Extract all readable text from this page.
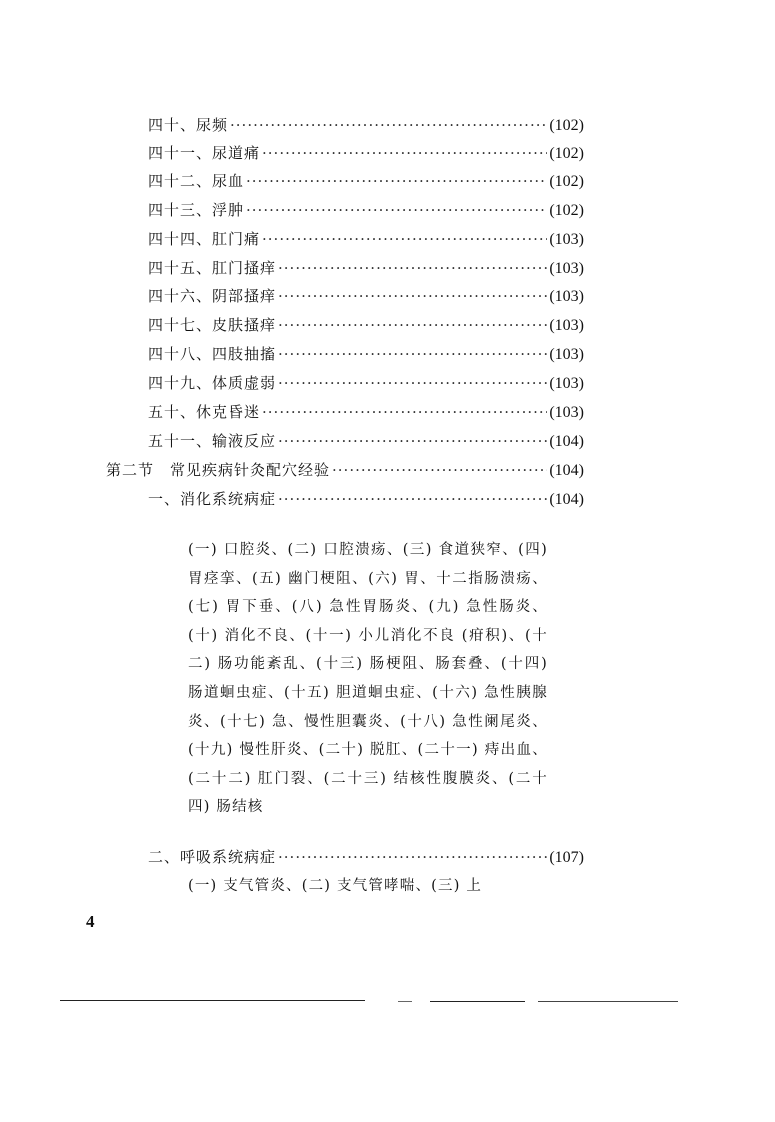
四十、尿频 ·····	(102)
四十一、尿道痛 ·····	(102)
四十二、尿血 ·····	(102)
四十三、浮肿 ·····	(102)
四十四、肛门痛 ·····	(103)
四十五、肛门搔痒 ·····	(103)
四十六、阴部搔痒 ·····	(103)
四十七、皮肤搔痒 ·····	(103)
四十八、四肢抽搐 ·····	(103)
四十九、体质虚弱 ·····	(103)
五十、休克昏迷 ·····	(103)
五十一、输液反应 ·····	(104)
第二节　常见疾病针灸配穴经验 ·····	(104)
一、消化系统病症 ·····	(104)
(一) 口腔炎、(二) 口腔溃疡、(三) 食道狭窄、(四) 胃痉挛、(五) 幽门梗阻、(六) 胃、十二指肠溃疡、(七) 胃下垂、(八) 急性胃肠炎、(九) 急性肠炎、(十) 消化不良、(十一) 小儿消化不良 (疳积)、(十二) 肠功能紊乱、(十三) 肠梗阻、肠套叠、(十四) 肠道蛔虫症、(十五) 胆道蛔虫症、(十六) 急性胰腺炎、(十七) 急、慢性胆囊炎、(十八) 急性阑尾炎、(十九) 慢性肝炎、(二十) 脱肛、(二十一) 痔出血、(二十二) 肛门裂、(二十三) 结核性腹膜炎、(二十四) 肠结核
二、呼吸系统病症 ·····	(107)
(一) 支气管炎、(二) 支气管哮喘、(三) 上
4
